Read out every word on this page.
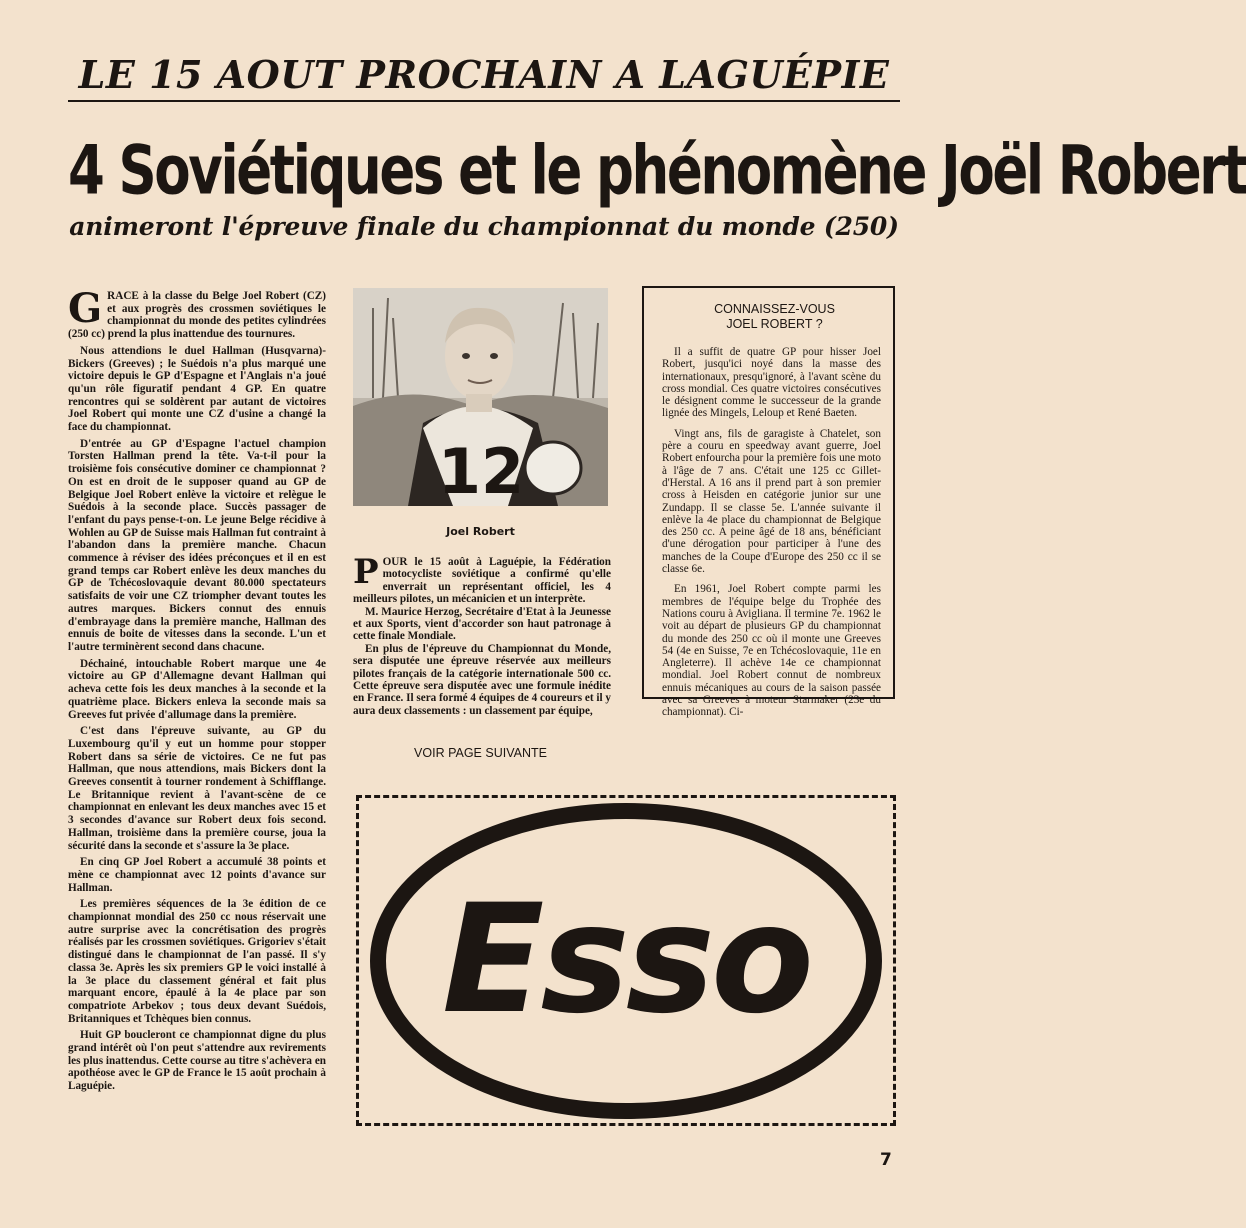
LE 15 AOUT PROCHAIN A LAGUÉPIE
4 Soviétiques et le phénomène Joël Robert
animeront l'épreuve finale du championnat du monde (250)

GRACE à la classe du Belge Joel Robert (CZ) et aux progrès des crossmen soviétiques le championnat du monde des petites cylindrées (250 cc) prend la plus inattendue des tournures.

Nous attendions le duel Hallman (Husqvarna)-Bickers (Greeves) ; le Suédois n'a plus marqué une victoire depuis le GP d'Espagne et l'Anglais n'a joué qu'un rôle figuratif pendant 4 GP. En quatre rencontres qui se soldèrent par autant de victoires Joel Robert qui monte une CZ d'usine a changé la face du championnat.

D'entrée au GP d'Espagne l'actuel champion Torsten Hallman prend la tête. Va-t-il pour la troisième fois consécutive dominer ce championnat ? On est en droit de le supposer quand au GP de Belgique Joel Robert enlève la victoire et relègue le Suédois à la seconde place. Succès passager de l'enfant du pays pense-t-on. Le jeune Belge récidive à Wohlen au GP de Suisse mais Hallman fut contraint à l'abandon dans la première manche. Chacun commence à réviser des idées préconçues et il en est grand temps car Robert enlève les deux manches du GP de Tchécoslovaquie devant 80.000 spectateurs satisfaits de voir une CZ triompher devant toutes les autres marques. Bickers connut des ennuis d'embrayage dans la première manche, Hallman des ennuis de boite de vitesses dans la seconde. L'un et l'autre terminèrent second dans chacune.

Déchainé, intouchable Robert marque une 4e victoire au GP d'Allemagne devant Hallman qui acheva cette fois les deux manches à la seconde et la quatrième place. Bickers enleva la seconde mais sa Greeves fut privée d'allumage dans la première.

C'est dans l'épreuve suivante, au GP du Luxembourg qu'il y eut un homme pour stopper Robert dans sa série de victoires. Ce ne fut pas Hallman, que nous attendions, mais Bickers dont la Greeves consentit à tourner rondement à Schifflange. Le Britannique revient à l'avant-scène de ce championnat en enlevant les deux manches avec 15 et 3 secondes d'avance sur Robert deux fois second. Hallman, troisième dans la première course, joua la sécurité dans la seconde et s'assure la 3e place.

En cinq GP Joel Robert a accumulé 38 points et mène ce championnat avec 12 points d'avance sur Hallman.

Les premières séquences de la 3e édition de ce championnat mondial des 250 cc nous réservait une autre surprise avec la concrétisation des progrès réalisés par les crossmen soviétiques. Grigoriev s'était distingué dans le championnat de l'an passé. Il s'y classa 3e. Après les six premiers GP le voici installé à la 3e place du classement général et fait plus marquant encore, épaulé à la 4e place par son compatriote Arbekov ; tous deux devant Suédois, Britanniques et Tchèques bien connus.

Huit GP boucleront ce championnat digne du plus grand intérêt où l'on peut s'attendre aux revirements les plus inattendus. Cette course au titre s'achèvera en apothéose avec le GP de France le 15 août prochain à Laguépie.

12
Joel Robert

POUR le 15 août à Laguépie, la Fédération motocycliste soviétique a confirmé qu'elle enverrait un représentant officiel, les 4 meilleurs pilotes, un mécanicien et un interprète.

M. Maurice Herzog, Secrétaire d'Etat à la Jeunesse et aux Sports, vient d'accorder son haut patronage à cette finale Mondiale.

En plus de l'épreuve du Championnat du Monde, sera disputée une épreuve réservée aux meilleurs pilotes français de la catégorie internationale 500 cc. Cette épreuve sera disputée avec une formule inédite en France. Il sera formé 4 équipes de 4 coureurs et il y aura deux classements : un classement par équipe,

VOIR PAGE SUIVANTE
CONNAISSEZ-VOUS
JOEL ROBERT ?

Il a suffit de quatre GP pour hisser Joel Robert, jusqu'ici noyé dans la masse des internationaux, presqu'ignoré, à l'avant scène du cross mondial. Ces quatre victoires consécutives le désignent comme le successeur de la grande lignée des Mingels, Leloup et René Baeten.

Vingt ans, fils de garagiste à Chatelet, son père a couru en speedway avant guerre, Joel Robert enfourcha pour la première fois une moto à l'âge de 7 ans. C'était une 125 cc Gillet-d'Herstal. A 16 ans il prend part à son premier cross à Heisden en catégorie junior sur une Zundapp. Il se classe 5e. L'année suivante il enlève la 4e place du championnat de Belgique des 250 cc. A peine âgé de 18 ans, bénéficiant d'une dérogation pour participer à l'une des manches de la Coupe d'Europe des 250 cc il se classe 6e.

En 1961, Joel Robert compte parmi les membres de l'équipe belge du Trophée des Nations couru à Avigliana. Il termine 7e. 1962 le voit au départ de plusieurs GP du championnat du monde des 250 cc où il monte une Greeves 54 (4e en Suisse, 7e en Tchécoslovaquie, 11e en Angleterre). Il achève 14e ce championnat mondial. Joel Robert connut de nombreux ennuis mécaniques au cours de la saison passée avec sa Greeves à moteur Starmaker (23e du championnat). Ci-

Esso
7
